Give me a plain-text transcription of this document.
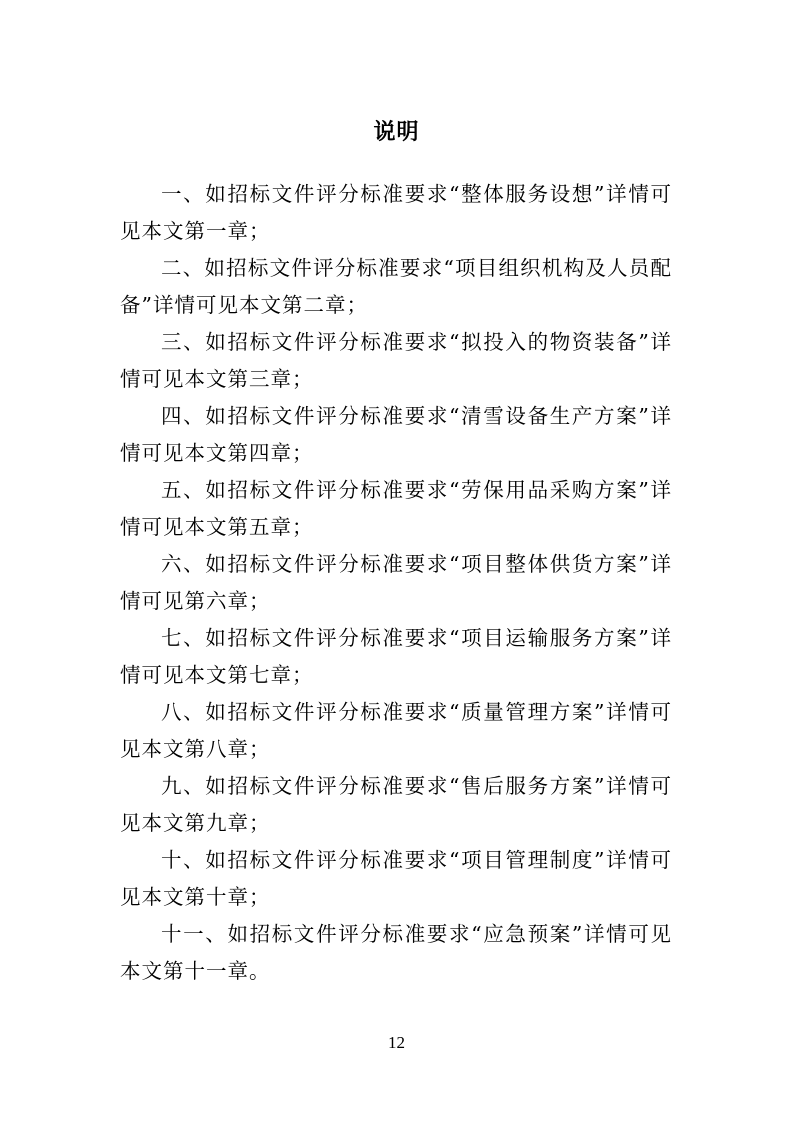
说明

一、如招标文件评分标准要求“整体服务设想”详情可见本文第一章；

二、如招标文件评分标准要求“项目组织机构及人员配备”详情可见本文第二章；

三、如招标文件评分标准要求“拟投入的物资装备”详情可见本文第三章；

四、如招标文件评分标准要求“清雪设备生产方案”详情可见本文第四章；

五、如招标文件评分标准要求“劳保用品采购方案”详情可见本文第五章；

六、如招标文件评分标准要求“项目整体供货方案”详情可见第六章；

七、如招标文件评分标准要求“项目运输服务方案”详情可见本文第七章；

八、如招标文件评分标准要求“质量管理方案”详情可见本文第八章；

九、如招标文件评分标准要求“售后服务方案”详情可见本文第九章；

十、如招标文件评分标准要求“项目管理制度”详情可见本文第十章；

十一、如招标文件评分标准要求“应急预案”详情可见本文第十一章。

12
